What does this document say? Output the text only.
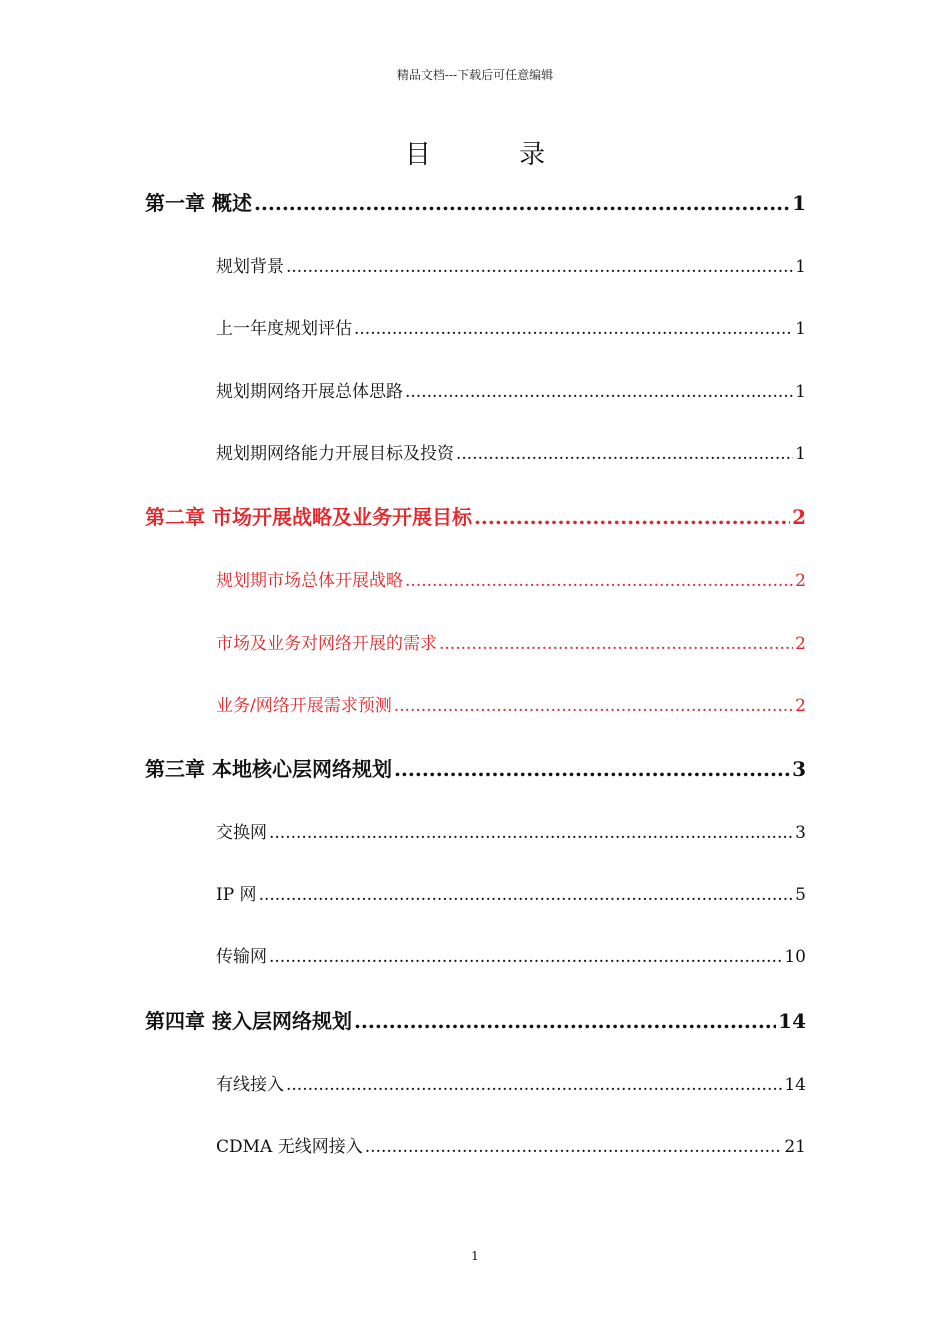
精品文档---下载后可任意编辑
目 录
第一章 概述 .....	1
规划背景 .....	1
上一年度规划评估 .....	1
规划期网络开展总体思路 .....	1
规划期网络能力开展目标及投资 .....	1
第二章 市场开展战略及业务开展目标 .....	2
规划期市场总体开展战略 .....	2
市场及业务对网络开展的需求 .....	2
业务/网络开展需求预测 .....	2
第三章 本地核心层网络规划 .....	3
交换网 .....	3
IP 网 .....	5
传输网 .....	10
第四章 接入层网络规划 .....	14
有线接入 .....	14
CDMA 无线网接入 .....	21
1
